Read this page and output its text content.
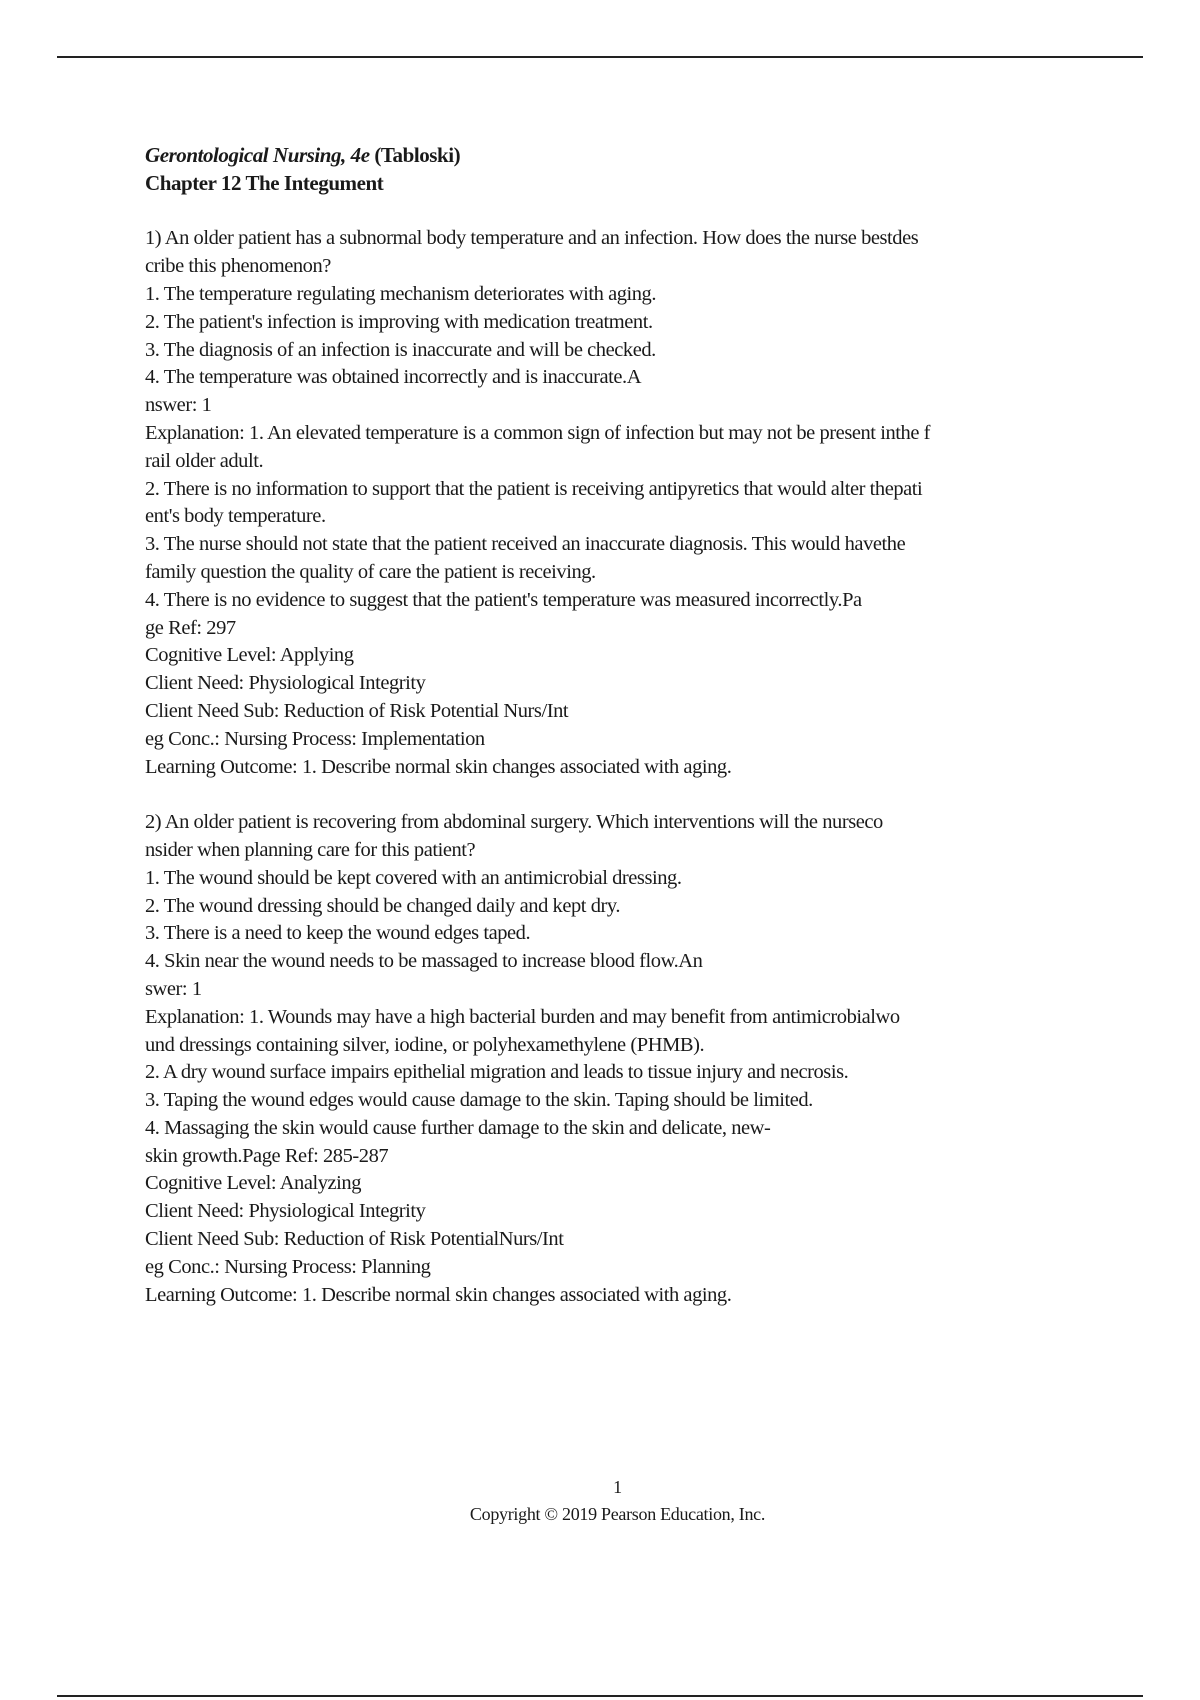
Gerontological Nursing, 4e (Tabloski)
Chapter 12 The Integument
1) An older patient has a subnormal body temperature and an infection. How does the nurse bestdes
cribe this phenomenon?
1. The temperature regulating mechanism deteriorates with aging.
2. The patient's infection is improving with medication treatment.
3. The diagnosis of an infection is inaccurate and will be checked.
4. The temperature was obtained incorrectly and is inaccurate.A
nswer: 1
Explanation: 1. An elevated temperature is a common sign of infection but may not be present inthe f
rail older adult.
2. There is no information to support that the patient is receiving antipyretics that would alter thepati
ent's body temperature.
3. The nurse should not state that the patient received an inaccurate diagnosis. This would havethe
family question the quality of care the patient is receiving.
4. There is no evidence to suggest that the patient's temperature was measured incorrectly.Pa
ge Ref: 297
Cognitive Level: Applying
Client Need: Physiological Integrity
Client Need Sub: Reduction of Risk Potential Nurs/Int
eg Conc.: Nursing Process: Implementation
Learning Outcome: 1. Describe normal skin changes associated with aging.
2) An older patient is recovering from abdominal surgery. Which interventions will the nurseco
nsider when planning care for this patient?
1. The wound should be kept covered with an antimicrobial dressing.
2. The wound dressing should be changed daily and kept dry.
3. There is a need to keep the wound edges taped.
4. Skin near the wound needs to be massaged to increase blood flow.An
swer: 1
Explanation: 1. Wounds may have a high bacterial burden and may benefit from antimicrobialwo
und dressings containing silver, iodine, or polyhexamethylene (PHMB).
2. A dry wound surface impairs epithelial migration and leads to tissue injury and necrosis.
3. Taping the wound edges would cause damage to the skin. Taping should be limited.
4. Massaging the skin would cause further damage to the skin and delicate, new-
skin growth.Page Ref: 285-287
Cognitive Level: Analyzing
Client Need: Physiological Integrity
Client Need Sub: Reduction of Risk PotentialNurs/Int
eg Conc.: Nursing Process: Planning
Learning Outcome: 1. Describe normal skin changes associated with aging.
1
Copyright © 2019 Pearson Education, Inc.
